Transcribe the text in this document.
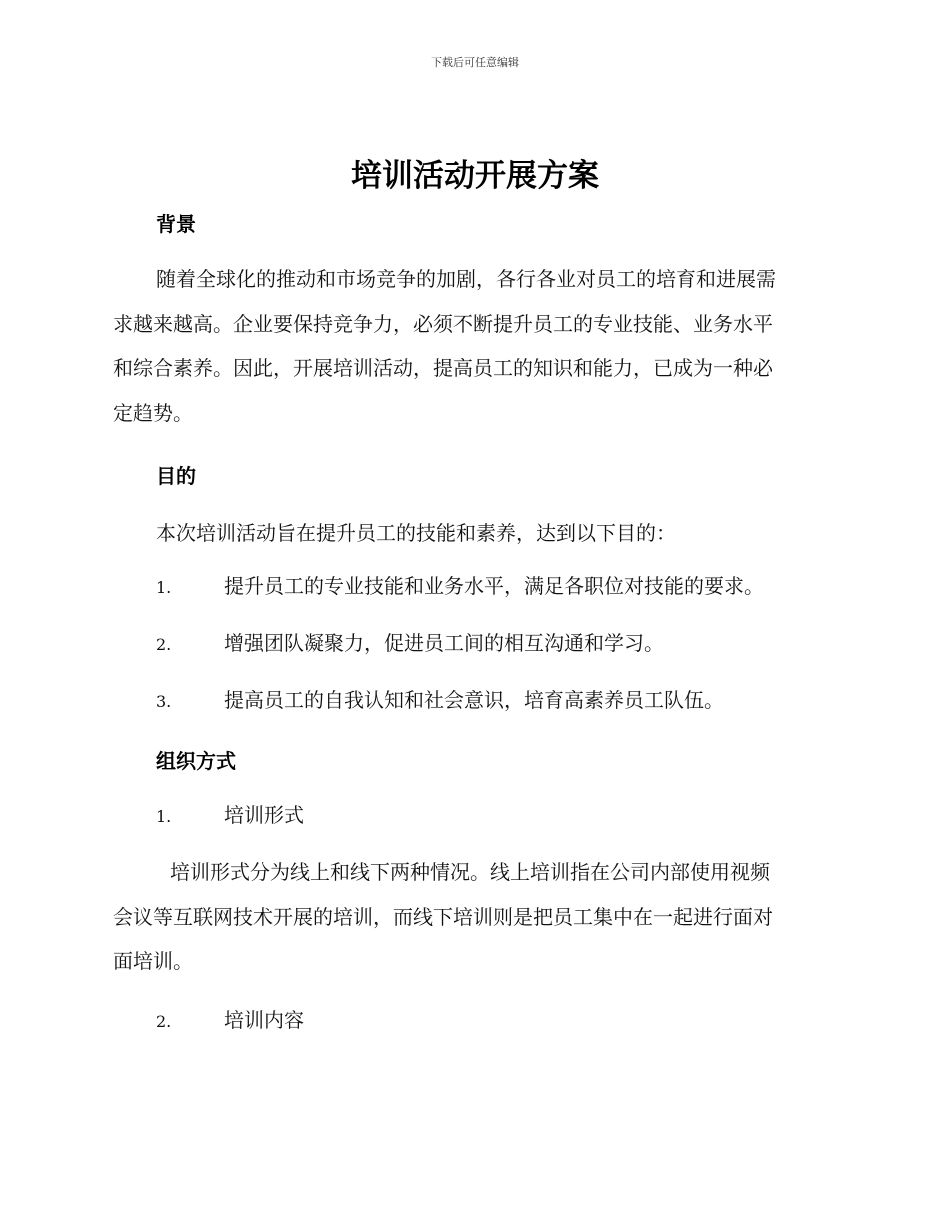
下载后可任意编辑
培训活动开展方案
背景
随着全球化的推动和市场竞争的加剧，各行各业对员工的培育和进展需
求越来越高。企业要保持竞争力，必须不断提升员工的专业技能、业务水平
和综合素养。因此，开展培训活动，提高员工的知识和能力，已成为一种必
定趋势。
目的
本次培训活动旨在提升员工的技能和素养，达到以下目的：
1.	提升员工的专业技能和业务水平，满足各职位对技能的要求。
2.	增强团队凝聚力，促进员工间的相互沟通和学习。
3.	提高员工的自我认知和社会意识，培育高素养员工队伍。
组织方式
1.	培训形式
培训形式分为线上和线下两种情况。线上培训指在公司内部使用视频
会议等互联网技术开展的培训，而线下培训则是把员工集中在一起进行面对
面培训。
2.	培训内容
